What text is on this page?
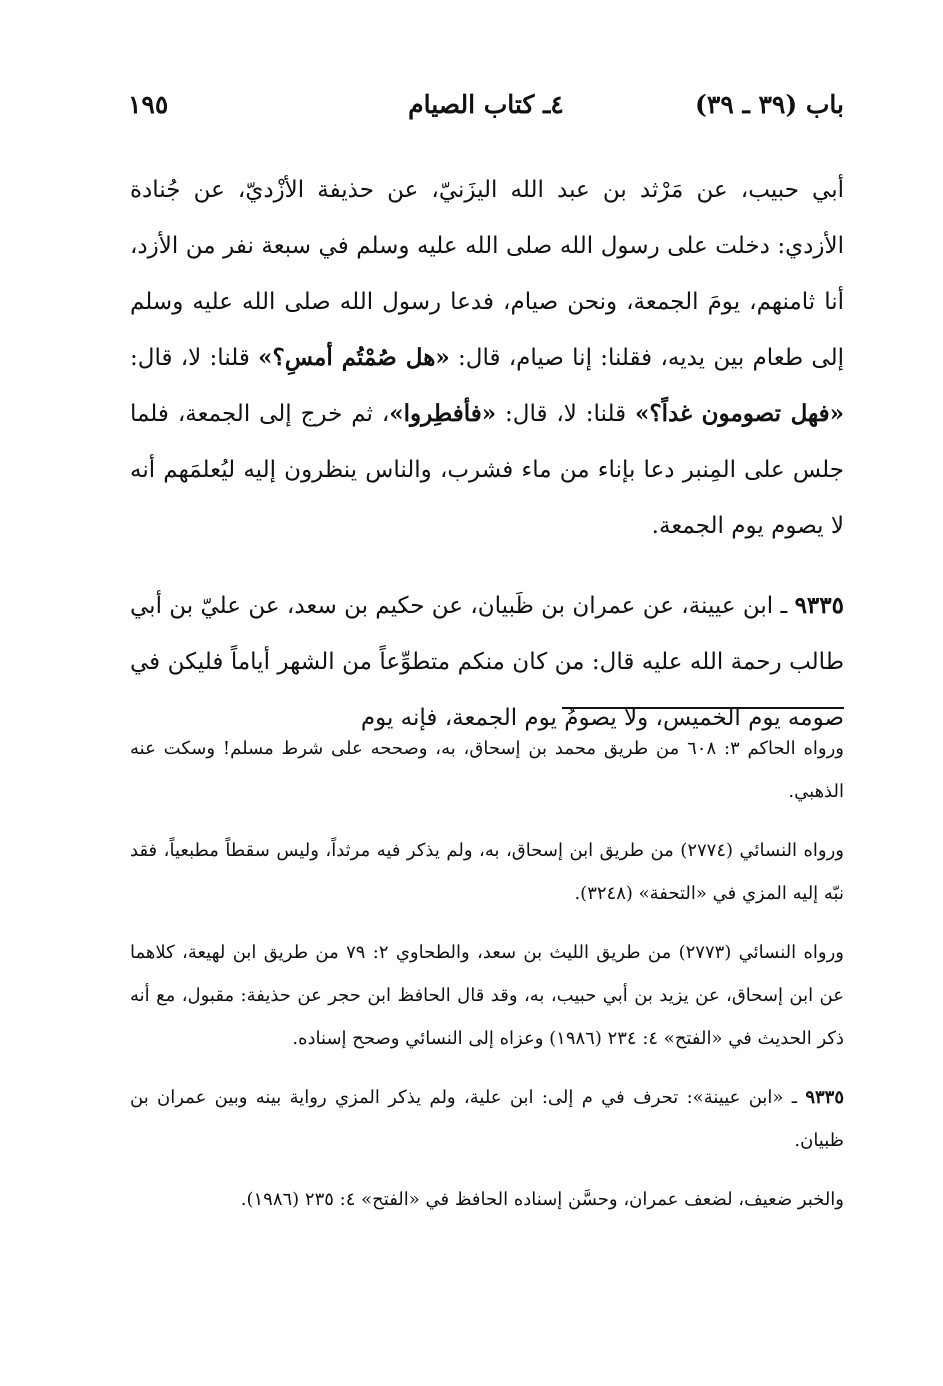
باب (٣٩ ـ ٣٩)
٤ـ كتاب الصيام
١٩٥

أبي حبيب، عن مَرْثد بن عبد الله اليزَنيّ، عن حذيفة الأزْديّ، عن جُنادة الأزدي: دخلت على رسول الله صلى الله عليه وسلم في سبعة نفر من الأزد، أنا ثامنهم، يومَ الجمعة، ونحن صيام، فدعا رسول الله صلى الله عليه وسلم إلى طعام بين يديه، فقلنا: إنا صيام، قال: «هل صُمْتُم أمسِ؟» قلنا: لا، قال: «فهل تصومون غداً؟» قلنا: لا، قال: «فأفطِروا»، ثم خرج إلى الجمعة، فلما جلس على المِنبر دعا بإناء من ماء فشرب، والناس ينظرون إليه ليُعلمَهم أنه لا يصوم يوم الجمعة.

٩٣٣٥ ـ ابن عيينة، عن عمران بن ظَبيان، عن حكيم بن سعد، عن عليّ بن أبي طالب رحمة الله عليه قال: من كان منكم متطوِّعاً من الشهر أياماً فليكن في صومه يوم الخميس، ولا يصومُ يوم الجمعة، فإنه يوم

ورواه الحاكم ٣: ٦٠٨ من طريق محمد بن إسحاق، به، وصححه على شرط مسلم! وسكت عنه الذهبي.

ورواه النسائي (٢٧٧٤) من طريق ابن إسحاق، به، ولم يذكر فيه مرثداً، وليس سقطاً مطبعياً، فقد نبّه إليه المزي في «التحفة» (٣٢٤٨).

ورواه النسائي (٢٧٧٣) من طريق الليث بن سعد، والطحاوي ٢: ٧٩ من طريق ابن لهيعة، كلاهما عن ابن إسحاق، عن يزيد بن أبي حبيب، به، وقد قال الحافظ ابن حجر عن حذيفة: مقبول، مع أنه ذكر الحديث في «الفتح» ٤: ٢٣٤ (١٩٨٦) وعزاه إلى النسائي وصحح إسناده.

٩٣٣٥ ـ «ابن عيينة»: تحرف في م إلى: ابن علية، ولم يذكر المزي رواية بينه وبين عمران بن ظبيان.

والخبر ضعيف، لضعف عمران، وحسَّن إسناده الحافظ في «الفتح» ٤: ٢٣٥ (١٩٨٦).
